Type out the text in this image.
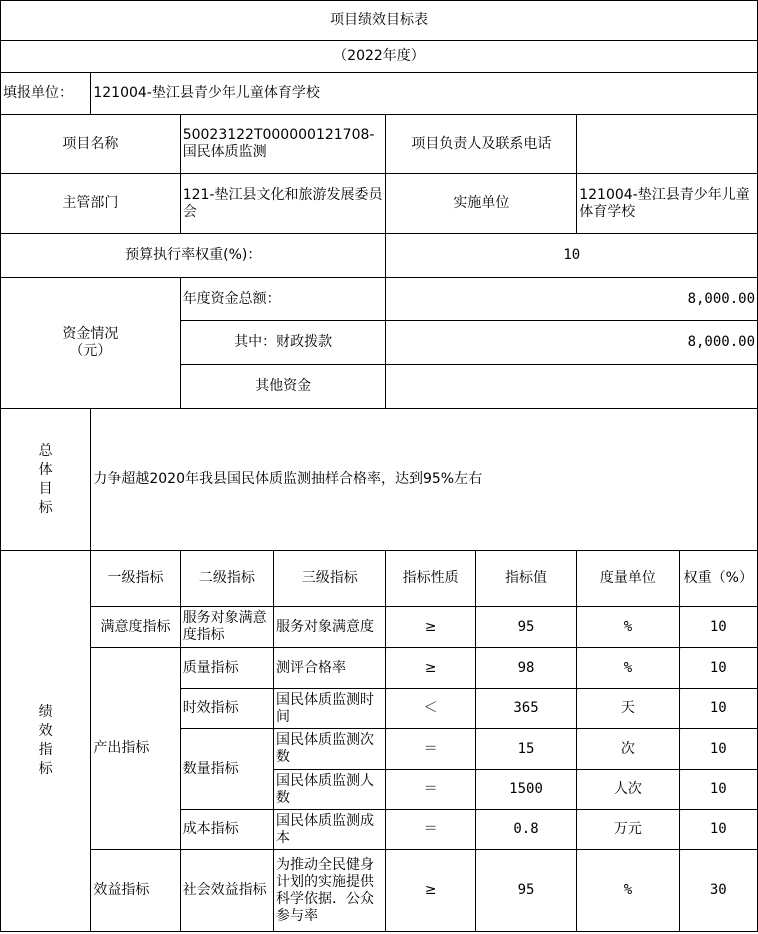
项目绩效目标表							
（2022年度）							
填报单位：	121004-垫江县青少年儿童体育学校						
项目名称		50023122T000000121708-国民体质监测		项目负责人及联系电话			
主管部门		121-垫江县文化和旅游发展委员会		实施单位		121004-垫江县青少年儿童体育学校	
预算执行率权重(%)：				10			
资金情况
（元）		年度资金总额：		8,000.00			
		其中：财政拨款		8,000.00			
		其他资金					
总体目标	力争超越2020年我县国民体质监测抽样合格率，达到95%左右						
绩效指标	一级指标	二级指标	三级指标	指标性质	指标值	度量单位	权重（%）
	满意度指标	服务对象满意度指标	服务对象满意度	≥	95	%	10
	产出指标	质量指标	测评合格率	≥	98	%	10
		时效指标	国民体质监测时间	＜	365	天	10
		数量指标	国民体质监测次数	＝	15	次	10
			国民体质监测人数	＝	1500	人次	10
		成本指标	国民体质监测成本	＝	0.8	万元	10
	效益指标	社会效益指标	为推动全民健身计划的实施提供科学依据．公众参与率	≥	95	%	30
